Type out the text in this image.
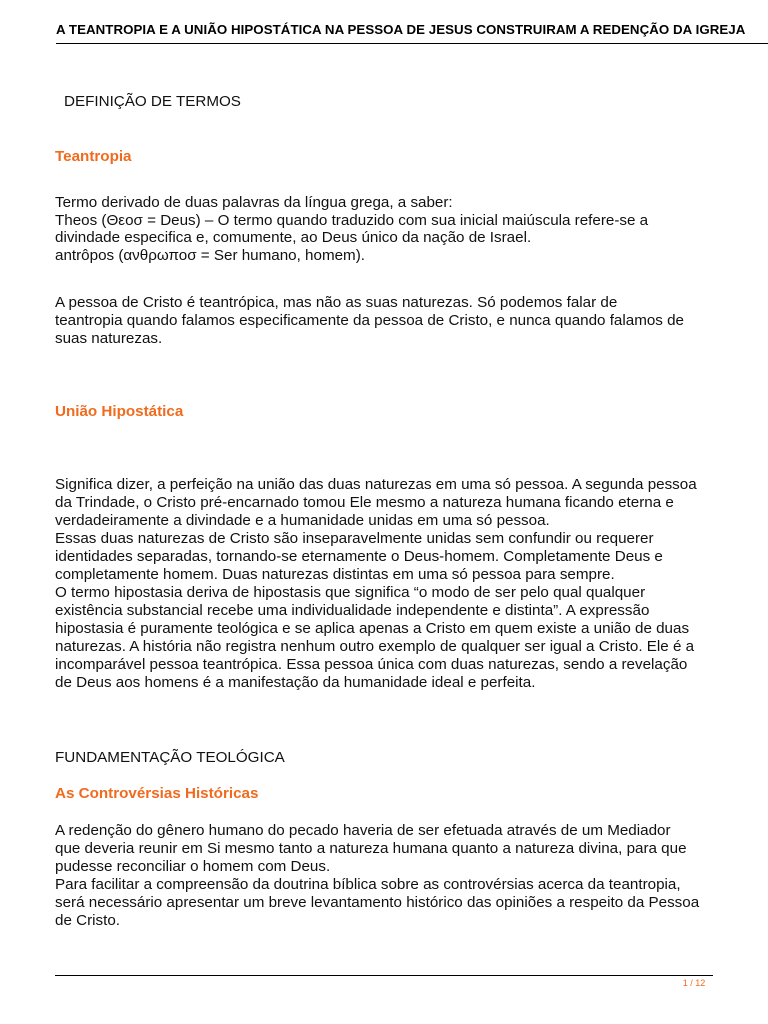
A TEANTROPIA E A UNIÃO HIPOSTÁTICA NA PESSOA DE JESUS CONSTRUIRAM A REDENÇÃO DA IGREJA
DEFINIÇÃO DE TERMOS
Teantropia
Termo derivado de duas palavras da língua grega, a saber:
Theos (Θεοσ = Deus) – O termo quando traduzido com sua inicial maiúscula refere-se a
divindade especifica e, comumente, ao Deus único da nação de Israel.
antrôpos (ανθρωποσ = Ser humano, homem).
A pessoa de Cristo é teantrópica, mas não as suas naturezas. Só podemos falar de
teantropia quando falamos especificamente da pessoa de Cristo, e nunca quando falamos de
suas naturezas.
União Hipostática
Significa dizer, a perfeição na união das duas naturezas em uma só pessoa. A segunda pessoa
da Trindade, o Cristo pré-encarnado tomou Ele mesmo a natureza humana ficando eterna e
verdadeiramente a divindade e a humanidade unidas em uma só pessoa.
Essas duas naturezas de Cristo são inseparavelmente unidas sem confundir ou requerer
identidades separadas, tornando-se eternamente o Deus-homem. Completamente Deus e
completamente homem. Duas naturezas distintas em uma só pessoa para sempre.
O termo hipostasia deriva de hipostasis que significa “o modo de ser pelo qual qualquer
existência substancial recebe uma individualidade independente e distinta”. A expressão
hipostasia é puramente teológica e se aplica apenas a Cristo em quem existe a união de duas
naturezas. A história não registra nenhum outro exemplo de qualquer ser igual a Cristo. Ele é a
incomparável pessoa teantrópica. Essa pessoa única com duas naturezas, sendo a revelação
de Deus aos homens é a manifestação da humanidade ideal e perfeita.
FUNDAMENTAÇÃO TEOLÓGICA
As Controvérsias Históricas
A redenção do gênero humano do pecado haveria de ser efetuada através de um Mediador
que deveria reunir em Si mesmo tanto a natureza humana quanto a natureza divina, para que
pudesse reconciliar o homem com Deus.
Para facilitar a compreensão da doutrina bíblica sobre as controvérsias acerca da teantropia,
será necessário apresentar um breve levantamento histórico das opiniões a respeito da Pessoa
de Cristo.
1 / 12
